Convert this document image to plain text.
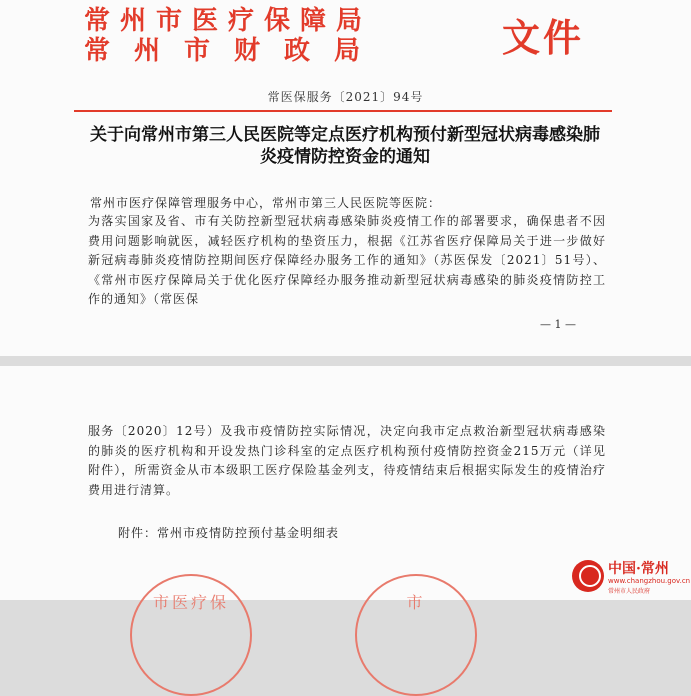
常州市医疗保障局
常州市财政局	文件
常医保服务〔2021〕94号
关于向常州市第三人民医院等定点医疗机构预付新型冠状病毒感染肺炎疫情防控资金的通知
常州市医疗保障管理服务中心，常州市第三人民医院等医院：
为落实国家及省、市有关防控新型冠状病毒感染肺炎疫情工作的部署要求，确保患者不因费用问题影响就医，减轻医疗机构的垫资压力，根据《江苏省医疗保障局关于进一步做好新冠病毒肺炎疫情防控期间医疗保障经办服务工作的通知》（苏医保发〔2021〕51号）、《常州市医疗保障局关于优化医疗保障经办服务推动新型冠状病毒感染的肺炎疫情防控工作的通知》（常医保
— 1 —
服务〔2020〕12号）及我市疫情防控实际情况，决定向我市定点救治新型冠状病毒感染的肺炎的医疗机构和开设发热门诊科室的定点医疗机构预付疫情防控资金215万元（详见附件），所需资金从市本级职工医疗保险基金列支，待疫情结束后根据实际发生的疫情治疗费用进行清算。
附件：常州市疫情防控预付基金明细表
市医疗保	市
中国·常州
www.changzhou.gov.cn
常州市人民政府
